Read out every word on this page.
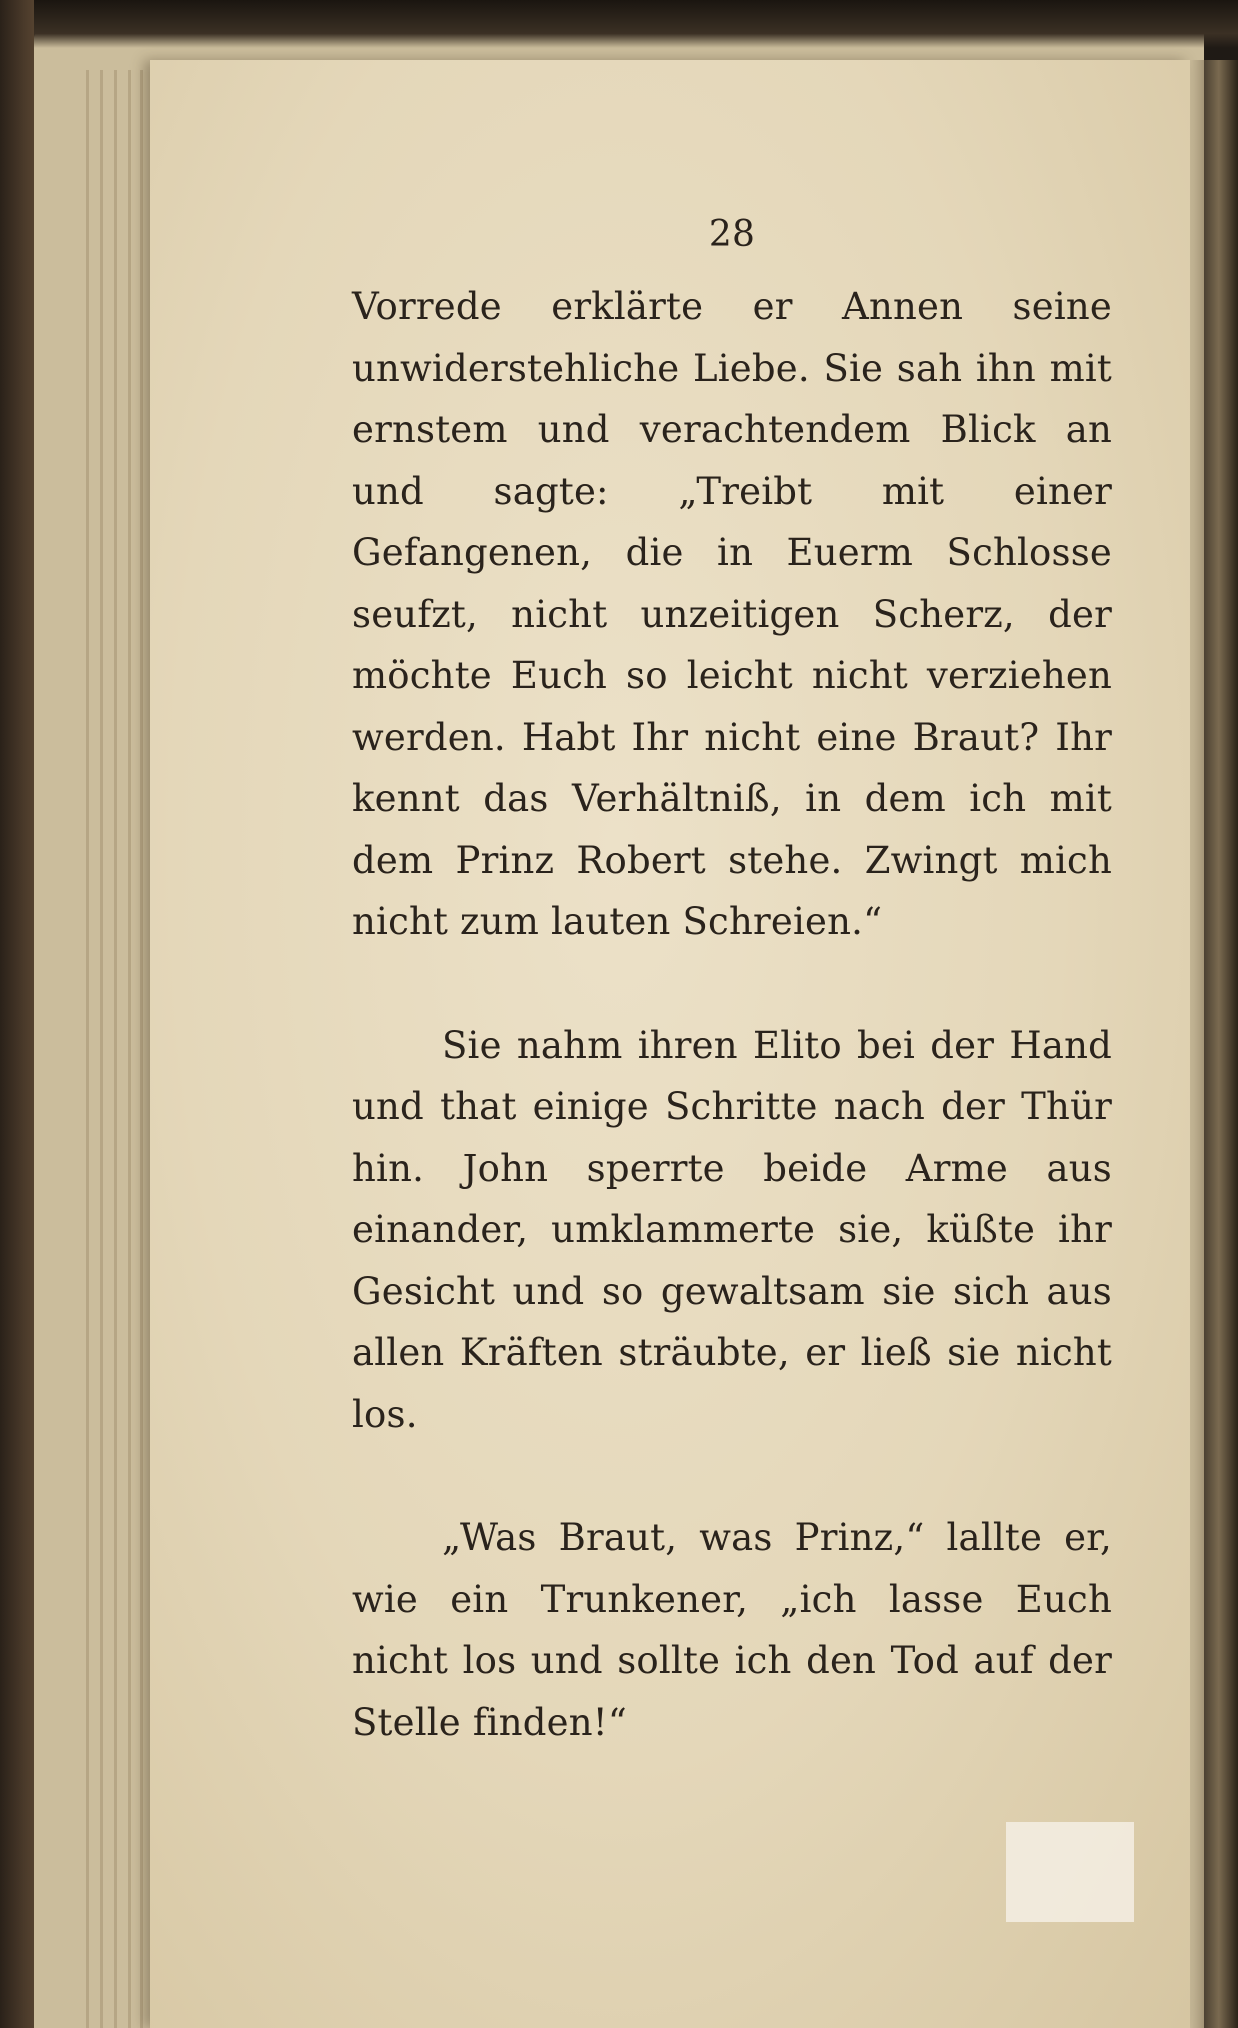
28

Vorrede erklärte er Annen seine unwiderstehliche Liebe. Sie sah ihn mit ernstem und verachtendem Blick an und sagte: „Treibt mit einer Gefangenen, die in Euerm Schlosse seufzt, nicht unzeitigen Scherz, der möchte Euch so leicht nicht verziehen werden. Habt Ihr nicht eine Braut? Ihr kennt das Verhältniß, in dem ich mit dem Prinz Robert stehe. Zwingt mich nicht zum lauten Schreien.“

Sie nahm ihren Elito bei der Hand und that einige Schritte nach der Thür hin. John sperrte beide Arme aus einander, umklammerte sie, küßte ihr Gesicht und so gewaltsam sie sich aus allen Kräften sträubte, er ließ sie nicht los.

„Was Braut, was Prinz,“ lallte er, wie ein Trunkener, „ich lasse Euch nicht los und sollte ich den Tod auf der Stelle finden!“
